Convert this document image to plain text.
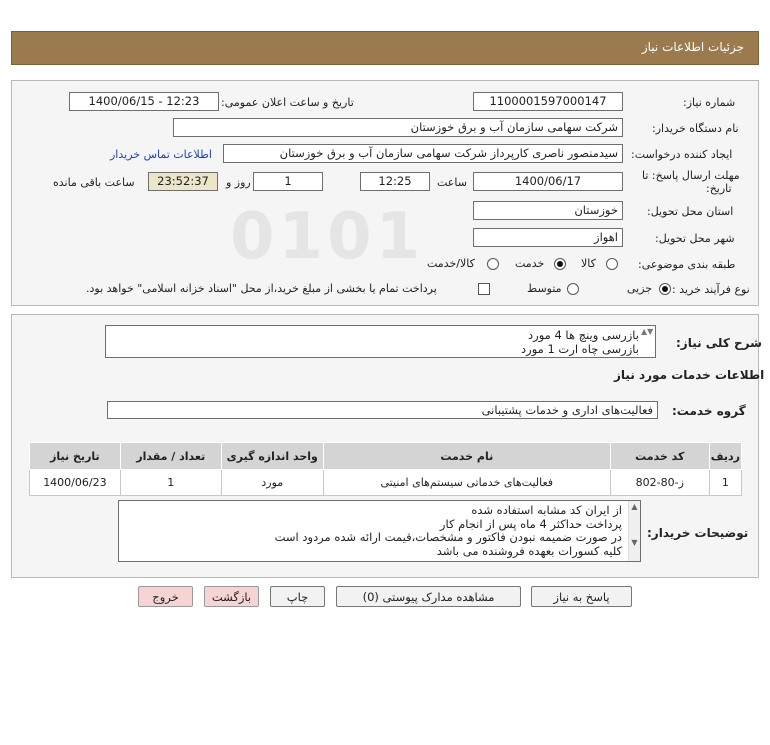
جزئیات اطلاعات نیاز
0101
شماره نیاز:
1100001597000147
تاریخ و ساعت اعلان عمومی:
1400/06/15 - 12:23
نام دستگاه خریدار:
شرکت سهامی سازمان آب و برق خوزستان
ایجاد کننده درخواست:
سیدمنصور ناصری کارپرداز شرکت سهامی سازمان آب و برق خوزستان
اطلاعات تماس خریدار
مهلت ارسال پاسخ: تا
تاریخ:
1400/06/17
ساعت
12:25
1
روز و
23:52:37
ساعت باقی مانده
استان محل تحویل:
خوزستان
شهر محل تحویل:
اهواز
طبقه بندی موضوعی:
کالا
خدمت
کالا/خدمت
نوع فرآیند خرید :
جزیی
متوسط
پرداخت تمام یا بخشی از مبلغ خرید،از محل "اسناد خزانه اسلامی" خواهد بود.
شرح کلی نیاز:
بازرسی وینچ ها 4 مورد
بازرسی چاه ارت 1 مورد
▲▼
اطلاعات خدمات مورد نیاز
گروه خدمت:
فعالیت‌های اداری و خدمات پشتیبانی
ردیف	کد خدمت	نام خدمت	واحد اندازه گیری	تعداد / مقدار	تاریخ نیاز
1	ز-80-802	فعالیت‌های خدماتی سیستم‌های امنیتی	مورد	1	1400/06/23
توضیحات خریدار:
از ایران کد مشابه استفاده شده
پرداخت حداکثر 4 ماه پس از انجام کار
در صورت ضمیمه نبودن فاکتور و مشخصات،قیمت ارائه شده مردود است
کلیه کسورات بعهده فروشنده می باشد
▲

▼
پاسخ به نیاز
مشاهده مدارک پیوستی (0)
چاپ
بازگشت
خروج
